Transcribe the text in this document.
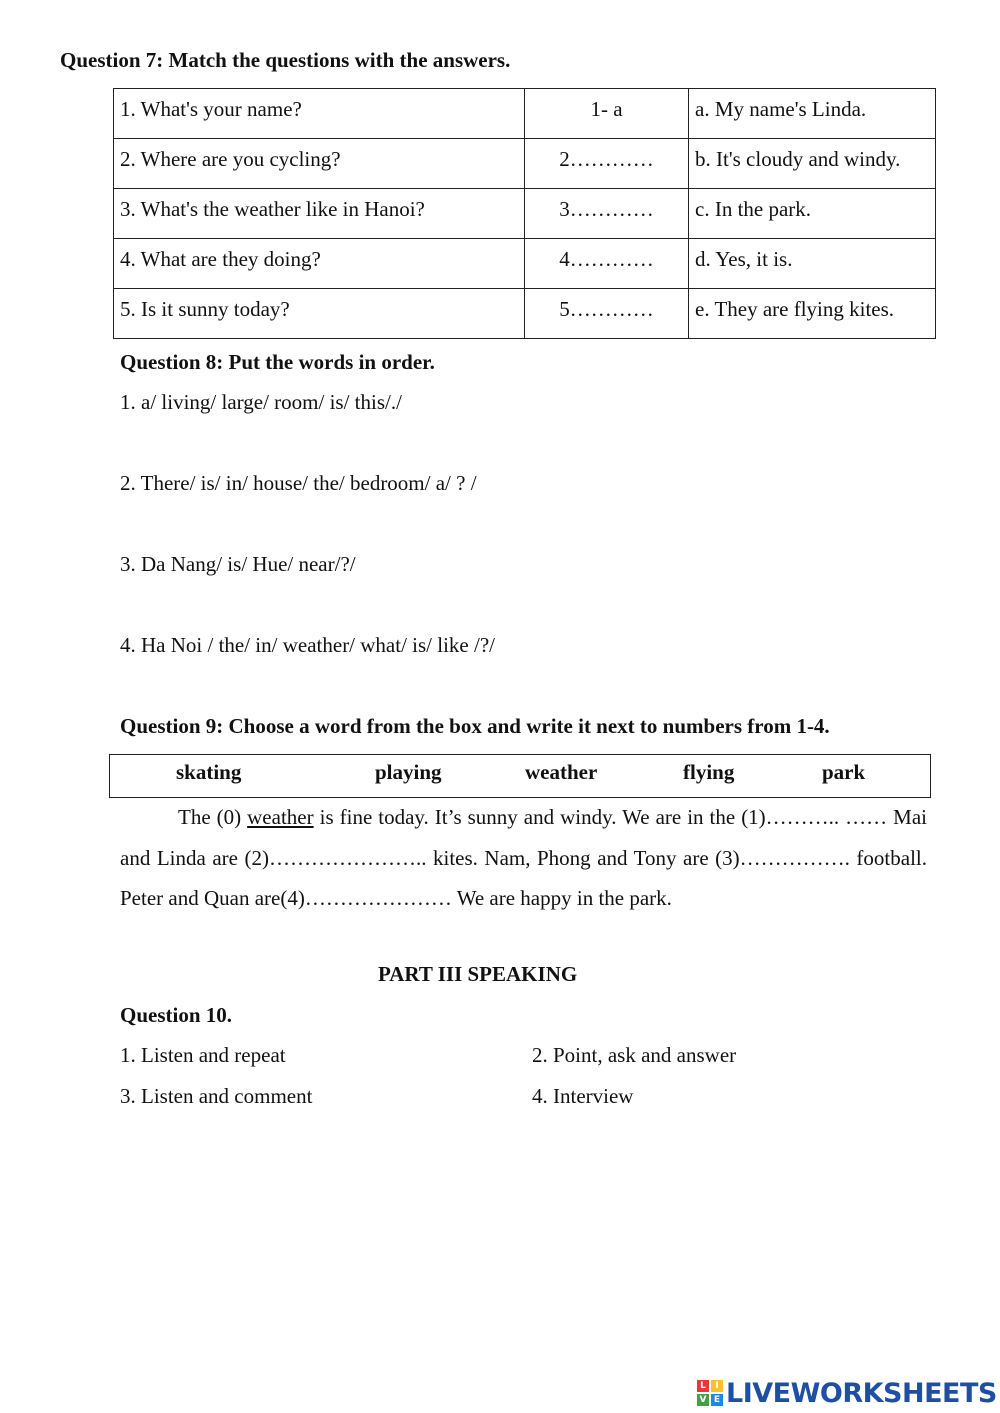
Question 7: Match the questions with the answers.
1. What's your name?	1- a	a. My name's Linda.
2. Where are you cycling?	2…………	b. It's cloudy and windy.
3. What's the weather like in Hanoi?	3…………	c. In the park.
4. What are they doing?	4…………	d. Yes, it is.
5. Is it sunny today?	5…………	e. They are flying kites.
Question 8: Put the words in order.
1. a/ living/ large/ room/ is/ this/./
2. There/ is/ in/ house/ the/ bedroom/ a/ ? /
3. Da Nang/ is/ Hue/ near/?/
4. Ha Noi / the/ in/ weather/ what/ is/ like /?/
Question 9: Choose a word from the box and write it next to numbers from 1-4.
skating	playing	weather	flying	park
The (0) weather is fine today. It’s sunny and windy. We are in the (1)……….. …… Mai and Linda are (2)………………….. kites. Nam, Phong and Tony are (3)……………. football. Peter and Quan are(4)………………… We are happy in the park.
PART III SPEAKING
Question 10.
1. Listen and repeat	2. Point, ask and answer
3. Listen and comment	4. Interview
L	I
V E LIVEWORKSHEETS
